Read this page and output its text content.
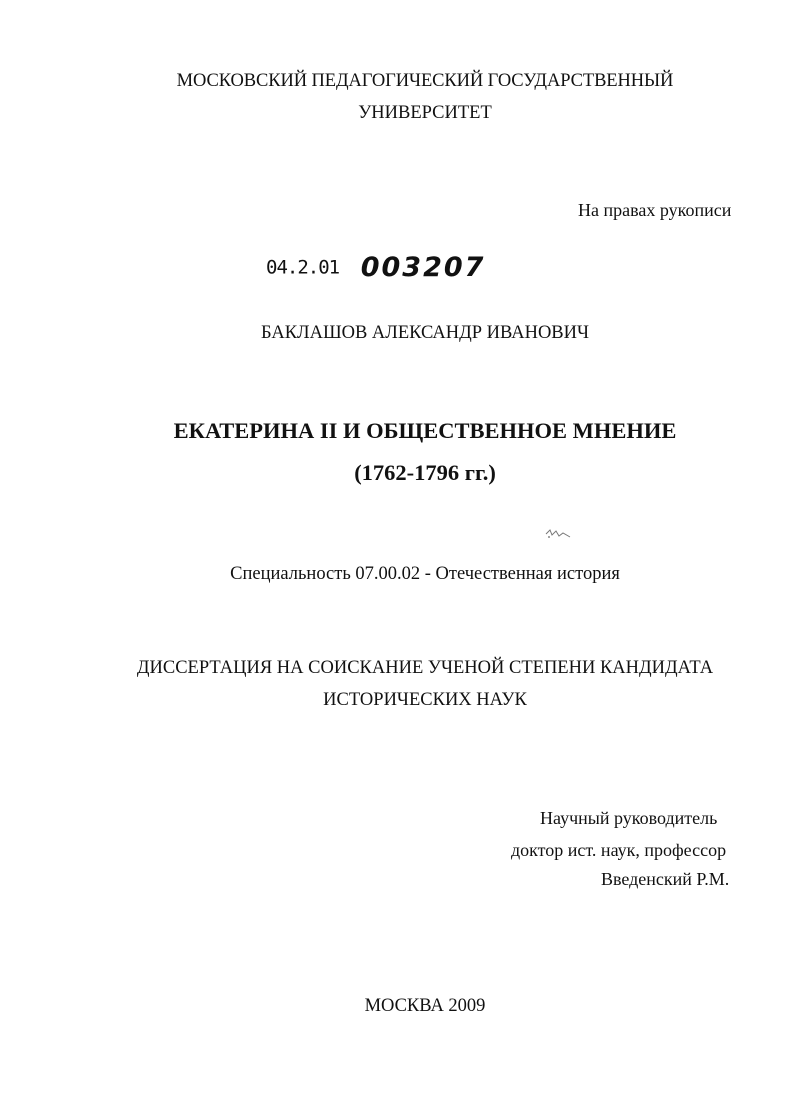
МОСКОВСКИЙ ПЕДАГОГИЧЕСКИЙ ГОСУДАРСТВЕННЫЙ
УНИВЕРСИТЕТ
На правах рукописи
04.2.01 003207
БАКЛАШОВ АЛЕКСАНДР ИВАНОВИЧ
ЕКАТЕРИНА II И ОБЩЕСТВЕННОЕ МНЕНИЕ
(1762-1796 гг.)
Специальность 07.00.02 - Отечественная история
ДИССЕРТАЦИЯ НА СОИСКАНИЕ УЧЕНОЙ СТЕПЕНИ КАНДИДАТА
ИСТОРИЧЕСКИХ НАУК
Научный руководитель
доктор ист. наук, профессор
Введенский Р.М.
МОСКВА 2009
